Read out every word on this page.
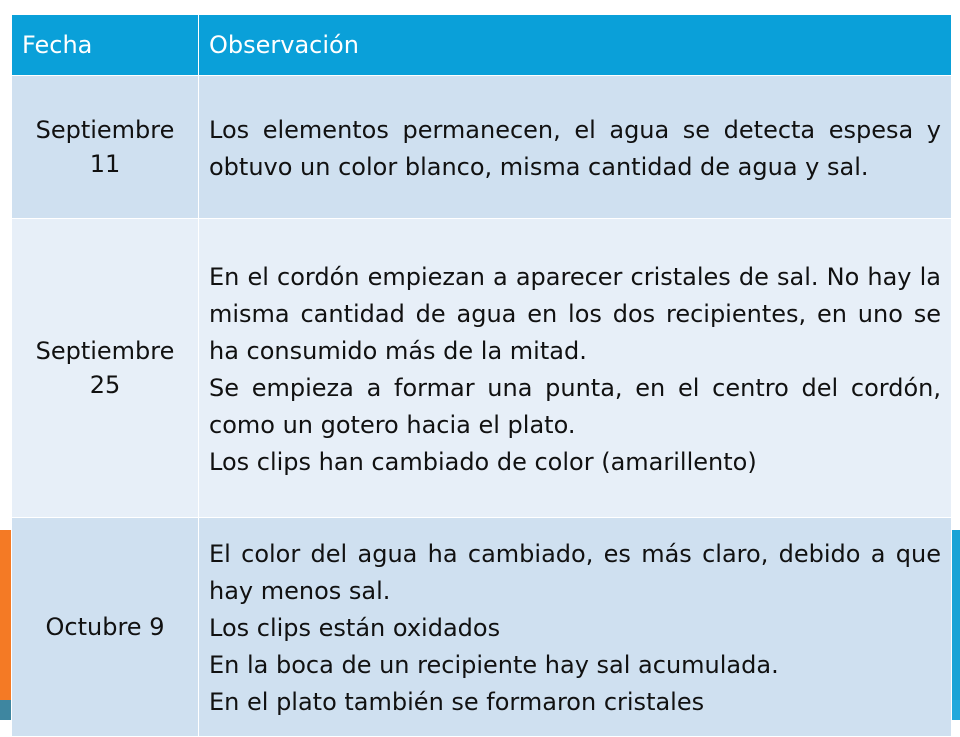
Fecha	Observación

Septiembre
11	Los elementos permanecen, el agua se detecta espesa y obtuvo un color blanco, misma cantidad de agua y sal.

Septiembre
25	En el cordón empiezan a aparecer cristales de sal. No hay la misma cantidad de agua en los dos recipientes, en uno se ha consumido más de la mitad.
Se empieza a formar una punta, en el centro del cordón, como un gotero hacia el plato.
Los clips han cambiado de color (amarillento)

Octubre 9	El color del agua ha cambiado, es más claro, debido a que hay menos sal.
Los clips están oxidados
En la boca de un recipiente hay sal acumulada.
En el plato también se formaron cristales
